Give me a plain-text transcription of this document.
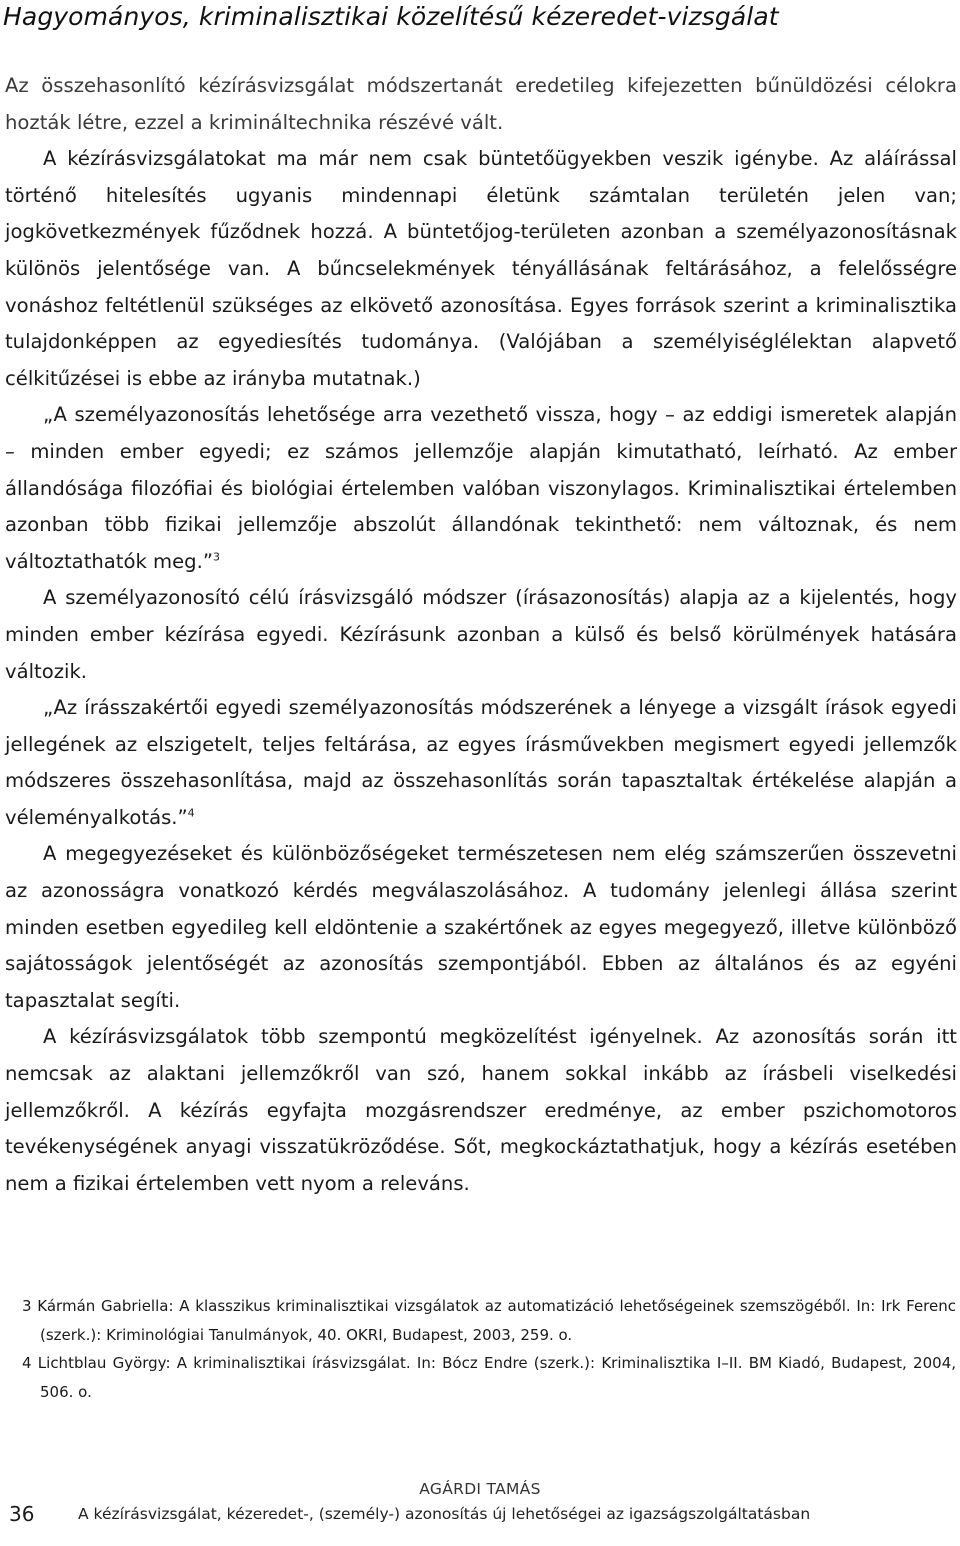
Hagyományos, kriminalisztikai közelítésű kézeredet-vizsgálat

Az összehasonlító kézírásvizsgálat módszertanát eredetileg kifejezetten bűnüldözési célokra hozták létre, ezzel a krimináltechnika részévé vált.

A kézírásvizsgálatokat ma már nem csak büntetőügyekben veszik igénybe. Az aláírással történő hitelesítés ugyanis mindennapi életünk számtalan területén jelen van; jogkövetkezmények fűződnek hozzá. A büntetőjog-területen azonban a személyazonosításnak különös jelentősége van. A bűncselekmények tényállásának feltárásához, a felelősségre vonáshoz feltétlenül szükséges az elkövető azonosítása. Egyes források szerint a kriminalisztika tulajdonképpen az egyediesítés tudománya. (Valójában a személyiséglélektan alapvető célkitűzései is ebbe az irányba mutatnak.)

„A személyazonosítás lehetősége arra vezethető vissza, hogy – az eddigi ismeretek alapján – minden ember egyedi; ez számos jellemzője alapján kimutatható, leírható. Az ember állandósága filozófiai és biológiai értelemben valóban viszonylagos. Kriminalisztikai értelemben azonban több fizikai jellemzője abszolút állandónak tekinthető: nem változnak, és nem változtathatók meg.”$^3$

A személyazonosító célú írásvizsgáló módszer (írásazonosítás) alapja az a kijelentés, hogy minden ember kézírása egyedi. Kézírásunk azonban a külső és belső körülmények hatására változik.

„Az írásszakértői egyedi személyazonosítás módszerének a lényege a vizsgált írások egyedi jellegének az elszigetelt, teljes feltárása, az egyes írásművekben megismert egyedi jellemzők módszeres összehasonlítása, majd az összehasonlítás során tapasztaltak értékelése alapján a véleményalkotás.”$^4$

A megegyezéseket és különbözőségeket természetesen nem elég számszerűen összevetni az azonosságra vonatkozó kérdés megválaszolásához. A tudomány jelenlegi állása szerint minden esetben egyedileg kell eldöntenie a szakértőnek az egyes megegyező, illetve különböző sajátosságok jelentőségét az azonosítás szempontjából. Ebben az általános és az egyéni tapasztalat segíti.

A kézírásvizsgálatok több szempontú megközelítést igényelnek. Az azonosítás során itt nemcsak az alaktani jellemzőkről van szó, hanem sokkal inkább az írásbeli viselkedési jellemzőkről. A kézírás egyfajta mozgásrendszer eredménye, az ember pszichomotoros tevékenységének anyagi visszatükröződése. Sőt, megkockáztathatjuk, hogy a kézírás esetében nem a fizikai értelemben vett nyom a releváns.

3 Kármán Gabriella: A klasszikus kriminalisztikai vizsgálatok az automatizáció lehetőségeinek szemszögéből. In: Irk Ferenc (szerk.): Kriminológiai Tanulmányok, 40. OKRI, Budapest, 2003, 259. o.

4 Lichtblau György: A kriminalisztikai írásvizsgálat. In: Bócz Endre (szerk.): Kriminalisztika I–II. BM Kiadó, Budapest, 2004, 506. o.

AGÁRDI TAMÁS
36	A kézírásvizsgálat, kézeredet-, (személy-) azonosítás új lehetőségei az igazságszolgáltatásban
